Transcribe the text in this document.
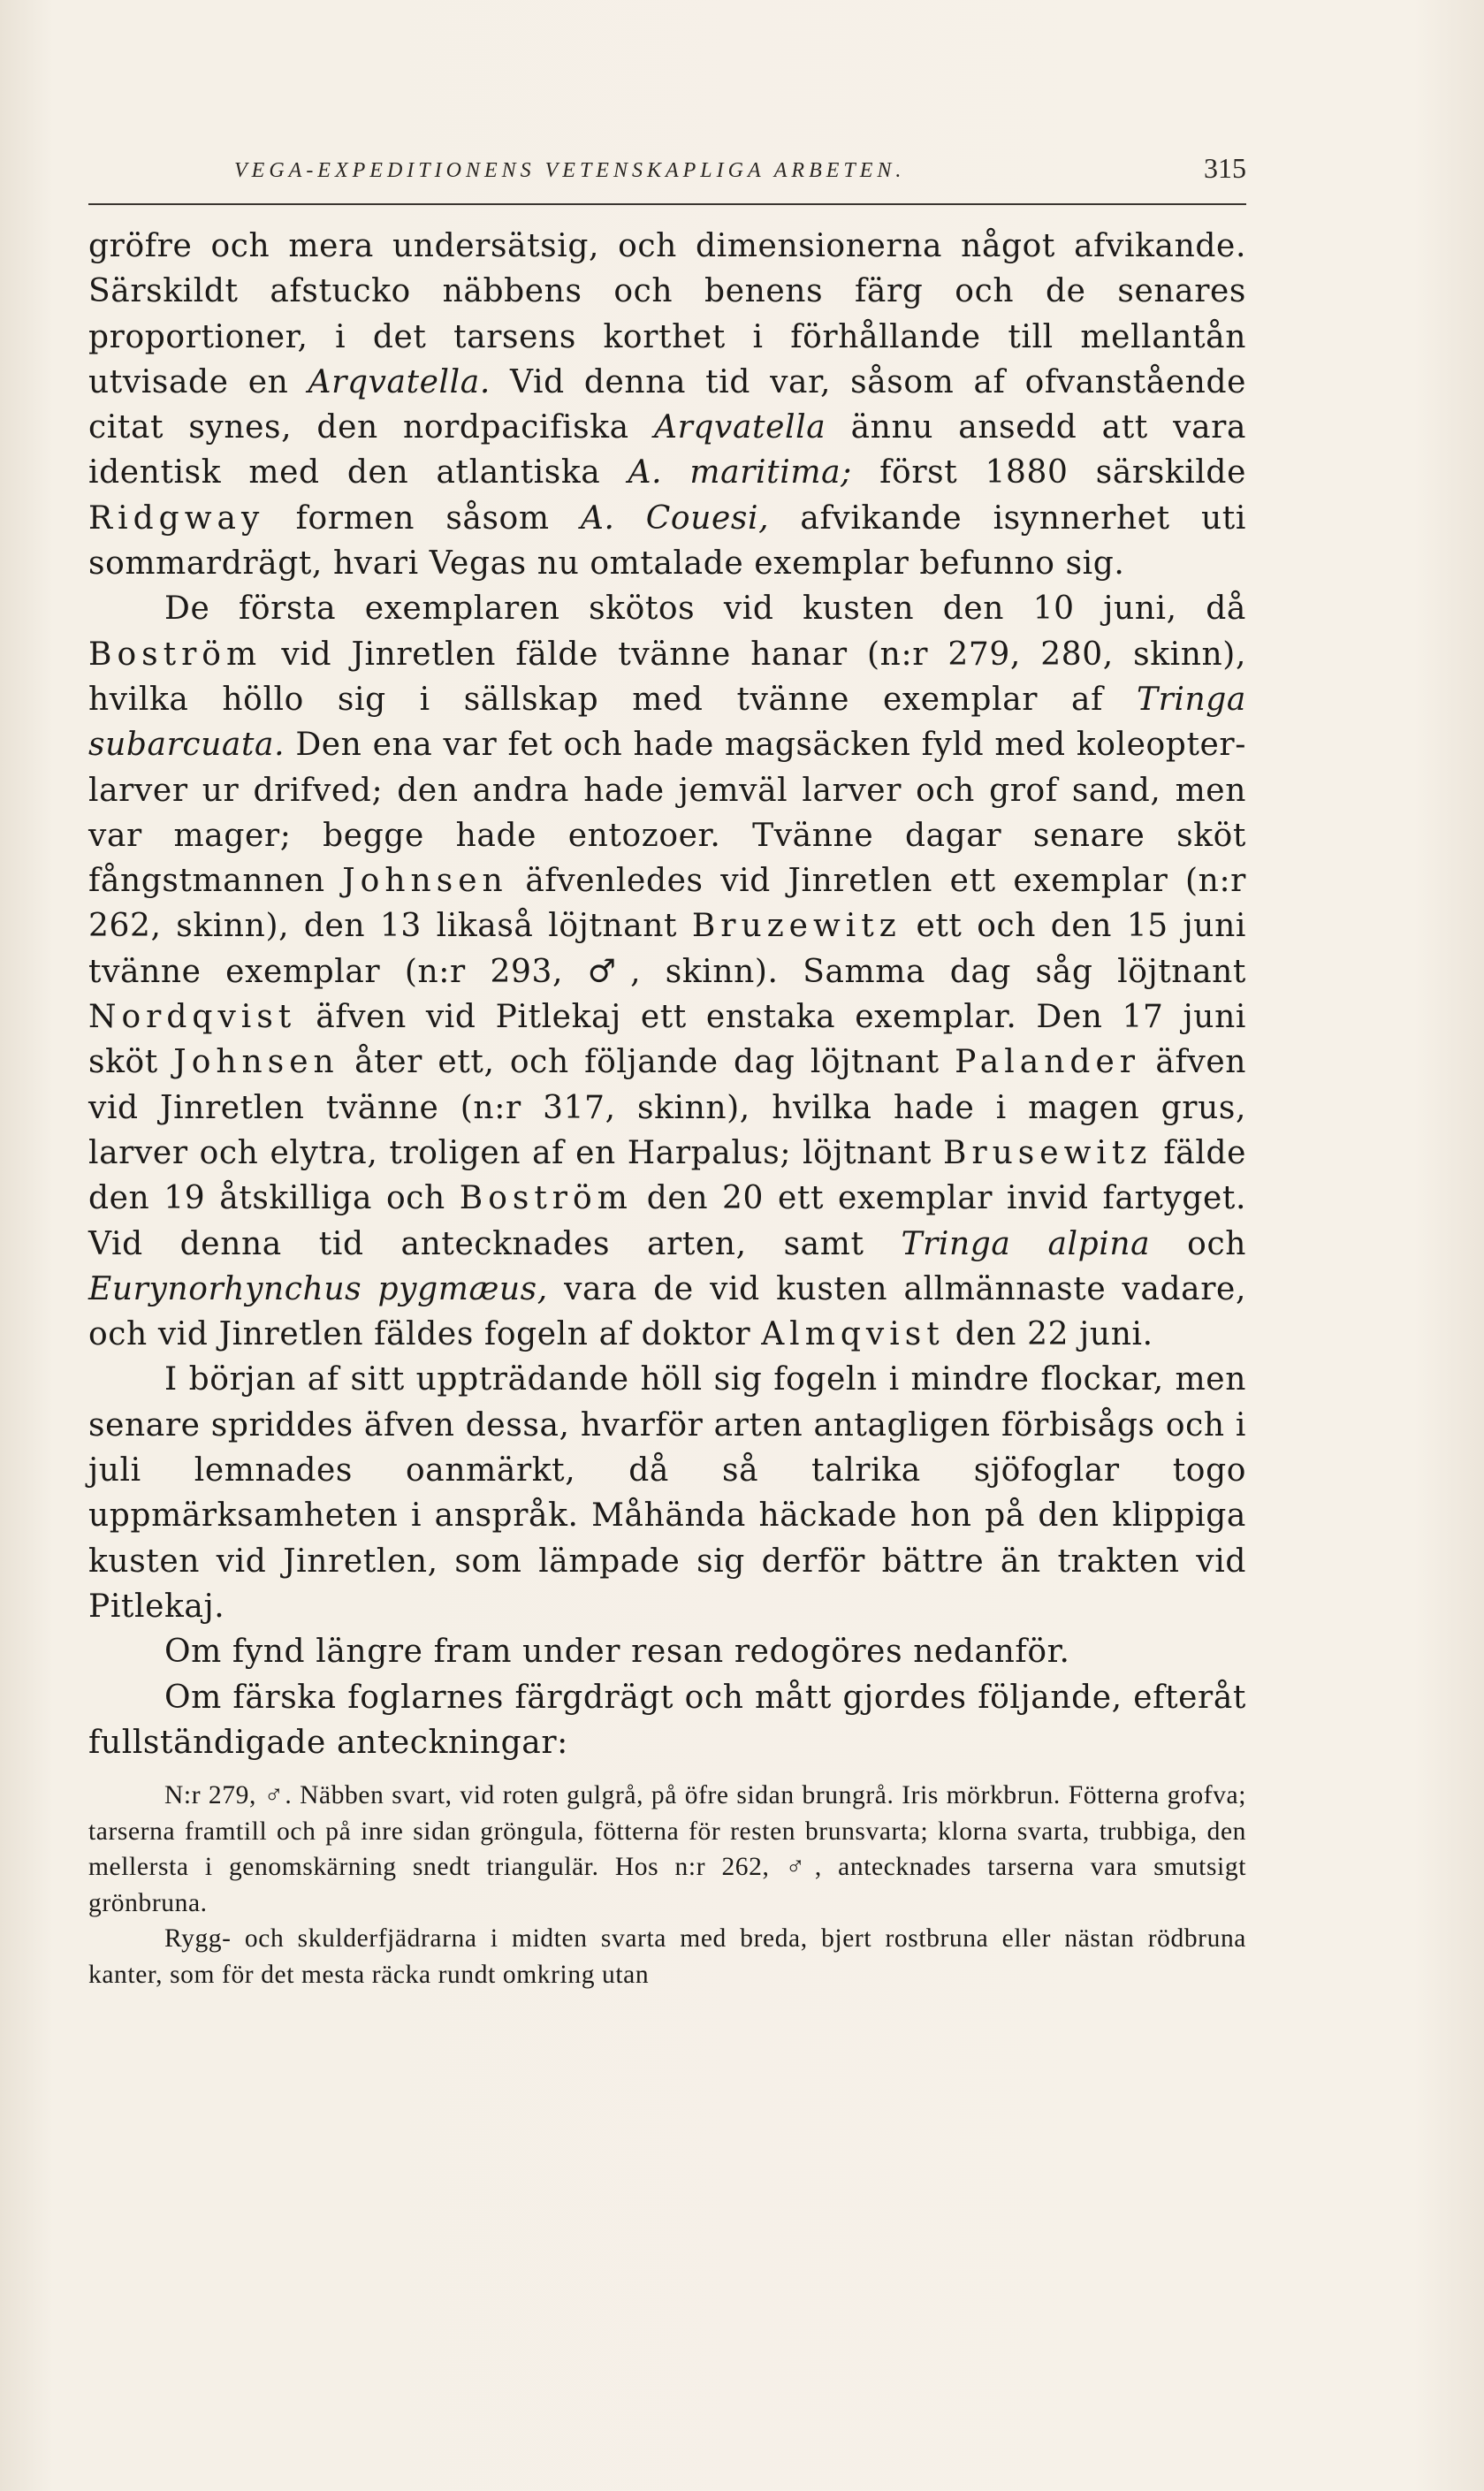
VEGA-EXPEDITIONENS VETENSKAPLIGA ARBETEN.	315

gröfre och mera undersätsig, och dimensionerna något afvikande. Särskildt afstucko näbbens och benens färg och de senares proportioner, i det tarsens korthet i förhållande till mellantån utvisade en Arqvatella. Vid denna tid var, såsom af ofvanstående citat synes, den nordpacifiska Arqvatella ännu ansedd att vara identisk med den atlantiska A. maritima; först 1880 särskilde Ridgway formen såsom A. Couesi, afvikande isynnerhet uti sommardrägt, hvari Vegas nu omtalade exemplar befunno sig.

De första exemplaren skötos vid kusten den 10 juni, då Boström vid Jinretlen fälde tvänne hanar (n:r 279, 280, skinn), hvilka höllo sig i sällskap med tvänne exemplar af Tringa subarcuata. Den ena var fet och hade magsäcken fyld med koleopter-larver ur drifved; den andra hade jemväl larver och grof sand, men var mager; begge hade entozoer. Tvänne dagar senare sköt fångstmannen Johnsen äfvenledes vid Jinretlen ett exemplar (n:r 262, skinn), den 13 likaså löjtnant Bruzewitz ett och den 15 juni tvänne exemplar (n:r 293, ♂, skinn). Samma dag såg löjtnant Nordqvist äfven vid Pitlekaj ett enstaka exemplar. Den 17 juni sköt Johnsen åter ett, och följande dag löjtnant Palander äfven vid Jinretlen tvänne (n:r 317, skinn), hvilka hade i magen grus, larver och elytra, troligen af en Harpalus; löjtnant Brusewitz fälde den 19 åtskilliga och Boström den 20 ett exemplar invid fartyget. Vid denna tid antecknades arten, samt Tringa alpina och Eurynorhynchus pygmæus, vara de vid kusten allmännaste vadare, och vid Jinretlen fäldes fogeln af doktor Almqvist den 22 juni.

I början af sitt uppträdande höll sig fogeln i mindre flockar, men senare spriddes äfven dessa, hvarför arten antagligen förbisågs och i juli lemnades oanmärkt, då så talrika sjöfoglar togo uppmärksamheten i anspråk. Måhända häckade hon på den klippiga kusten vid Jinretlen, som lämpade sig derför bättre än trakten vid Pitlekaj.

Om fynd längre fram under resan redogöres nedanför.

Om färska foglarnes färgdrägt och mått gjordes följande, efteråt fullständigade anteckningar:

N:r 279, ♂. Näbben svart, vid roten gulgrå, på öfre sidan brungrå. Iris mörkbrun. Fötterna grofva; tarserna framtill och på inre sidan gröngula, fötterna för resten brunsvarta; klorna svarta, trubbiga, den mellersta i genomskärning snedt triangulär. Hos n:r 262, ♂, antecknades tarserna vara smutsigt grönbruna.

Rygg- och skulderfjädrarna i midten svarta med breda, bjert rostbruna eller nästan rödbruna kanter, som för det mesta räcka rundt omkring utan
